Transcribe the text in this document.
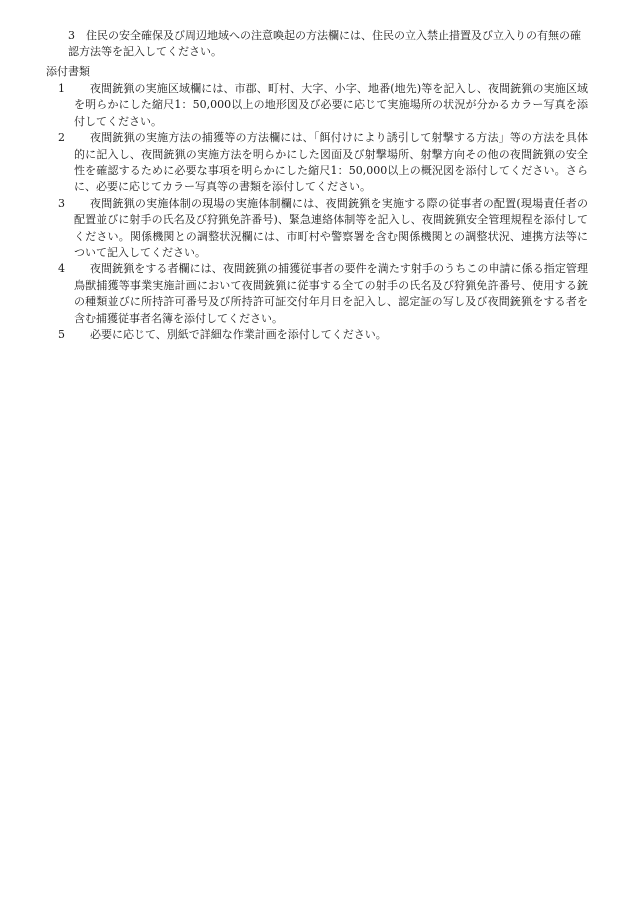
3	住民の安全確保及び周辺地域への注意喚起の方法欄には、住民の立入禁止措置及び立入りの有無の確認方法等を記入してください。
添付書類
1	夜間銃猟の実施区域欄には、市郡、町村、大字、小字、地番(地先)等を記入し、夜間銃猟の実施区域を明らかにした縮尺1：50,000以上の地形図及び必要に応じて実施場所の状況が分かるカラー写真を添付してください。
2	夜間銃猟の実施方法の捕獲等の方法欄には、「餌付けにより誘引して射撃する方法」等の方法を具体的に記入し、夜間銃猟の実施方法を明らかにした図面及び射撃場所、射撃方向その他の夜間銃猟の安全性を確認するために必要な事項を明らかにした縮尺1：50,000以上の概況図を添付してください。さらに、必要に応じてカラー写真等の書類を添付してください。
3	夜間銃猟の実施体制の現場の実施体制欄には、夜間銃猟を実施する際の従事者の配置(現場責任者の配置並びに射手の氏名及び狩猟免許番号)、緊急連絡体制等を記入し、夜間銃猟安全管理規程を添付してください。関係機関との調整状況欄には、市町村や警察署を含む関係機関との調整状況、連携方法等について記入してください。
4	夜間銃猟をする者欄には、夜間銃猟の捕獲従事者の要件を満たす射手のうちこの申請に係る指定管理鳥獣捕獲等事業実施計画において夜間銃猟に従事する全ての射手の氏名及び狩猟免許番号、使用する銃の種類並びに所持許可番号及び所持許可証交付年月日を記入し、認定証の写し及び夜間銃猟をする者を含む捕獲従事者名簿を添付してください。
5	必要に応じて、別紙で詳細な作業計画を添付してください。
